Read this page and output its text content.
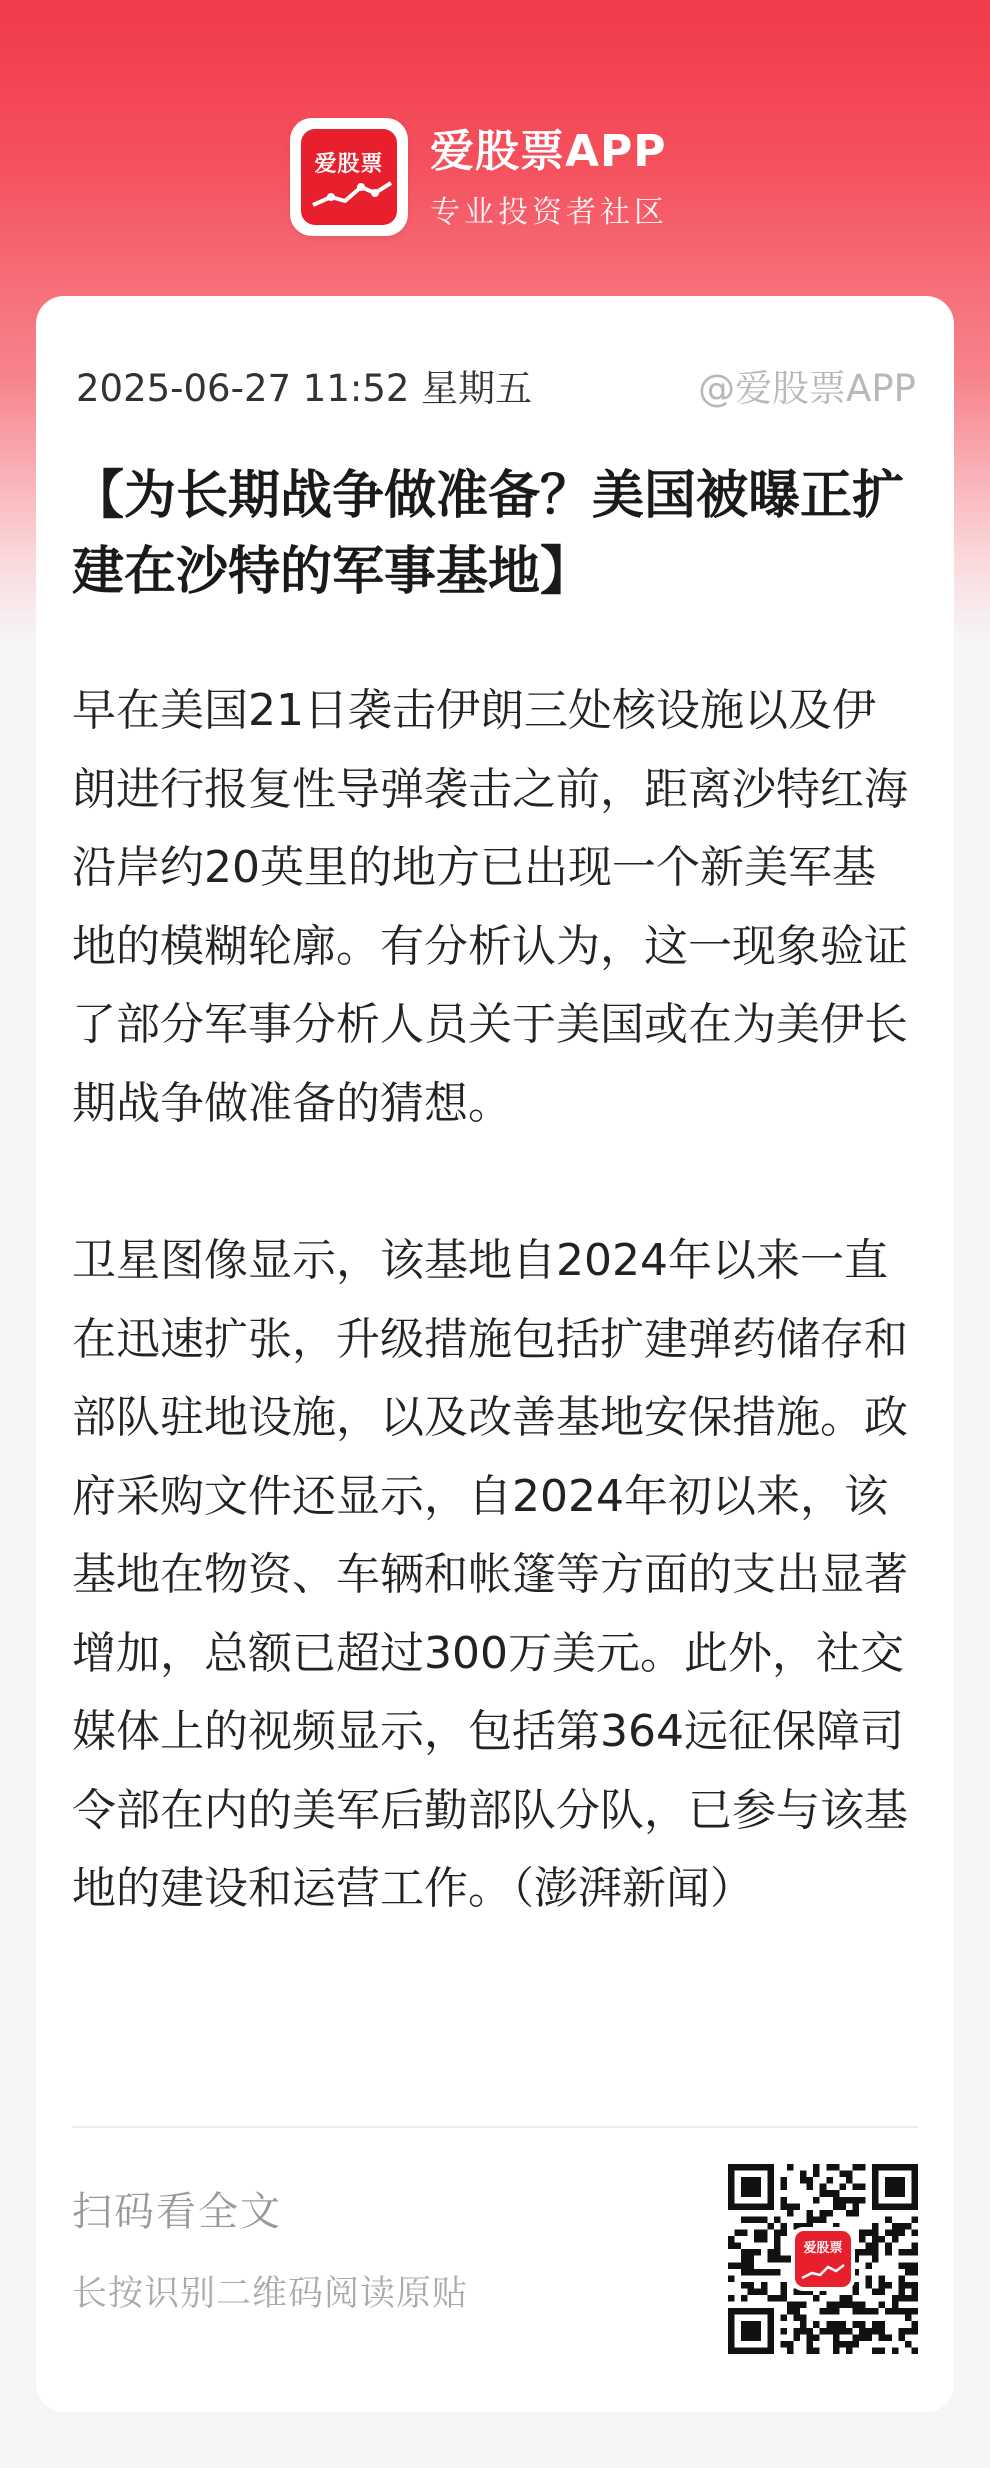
爱股票	爱股票APP
专业投资者社区
2025-06-27 11:52 星期五	@爱股票APP
【为长期战争做准备？美国被曝正扩建在沙特的军事基地】

早在美国21日袭击伊朗三处核设施以及伊朗进行报复性导弹袭击之前，距离沙特红海沿岸约20英里的地方已出现一个新美军基地的模糊轮廓。有分析认为，这一现象验证了部分军事分析人员关于美国或在为美伊长期战争做准备的猜想。

卫星图像显示，该基地自2024年以来一直在迅速扩张，升级措施包括扩建弹药储存和部队驻地设施，以及改善基地安保措施。政府采购文件还显示，自2024年初以来，该基地在物资、车辆和帐篷等方面的支出显著增加，总额已超过300万美元。此外，社交媒体上的视频显示，包括第364远征保障司令部在内的美军后勤部队分队，已参与该基地的建设和运营工作。（澎湃新闻）

扫码看全文
长按识别二维码阅读原贴
爱股票
